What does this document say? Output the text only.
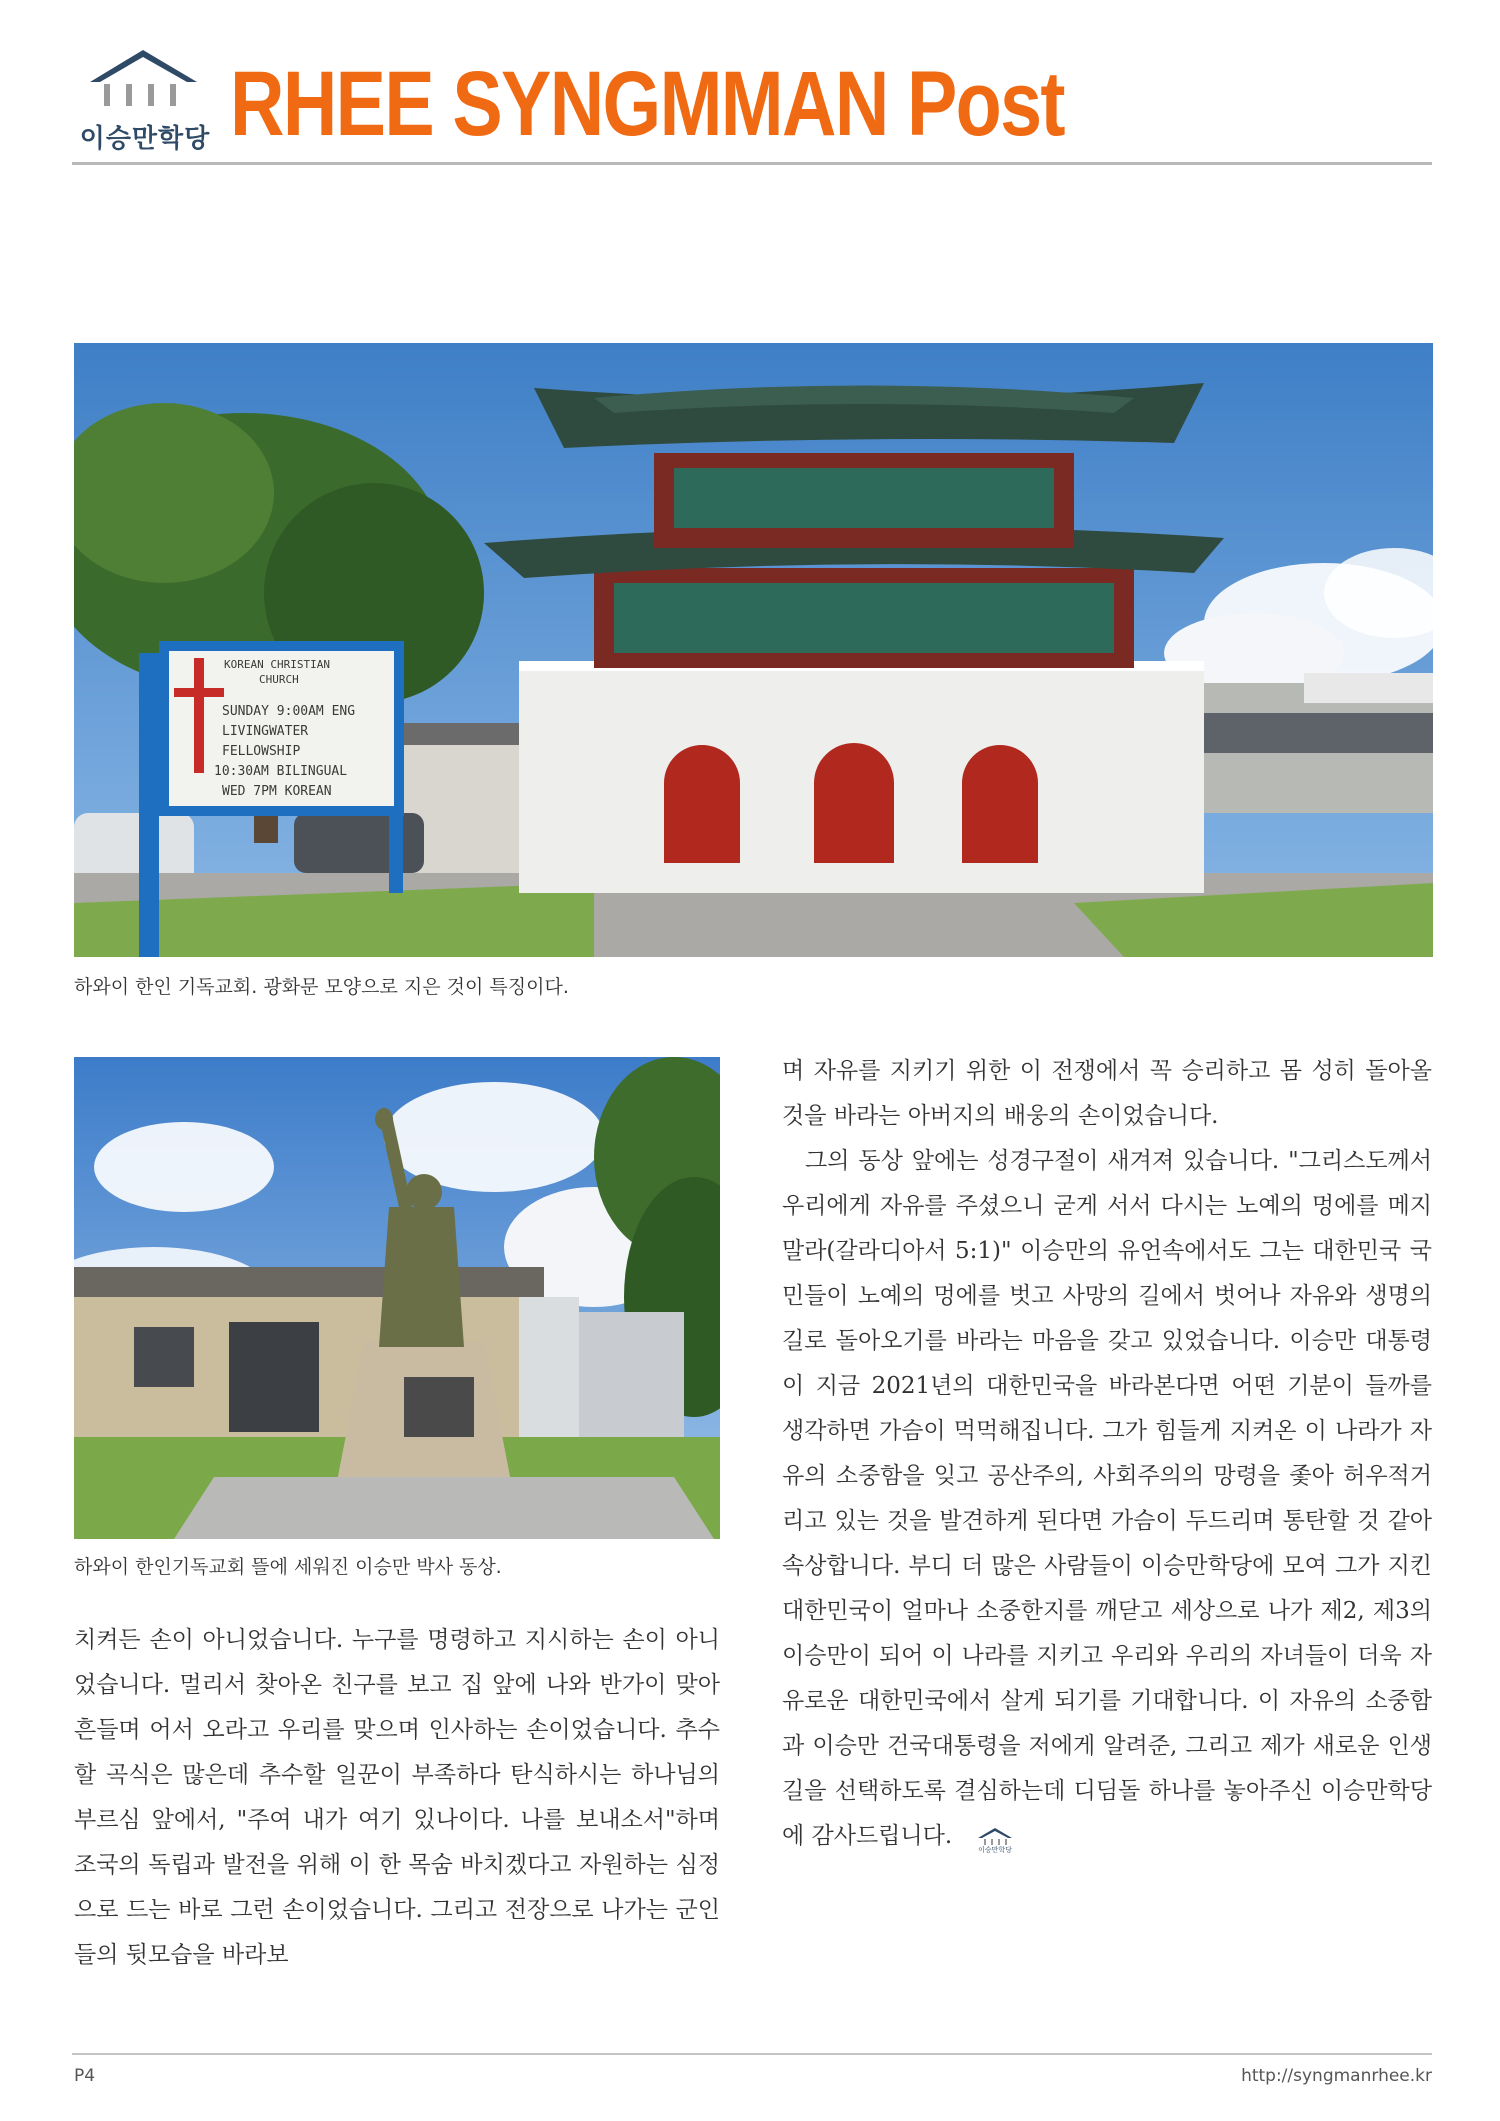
이승만학당 RHEE SYNGMMAN Post
KOREAN CHRISTIAN
CHURCH
SUNDAY 9:00AM ENG
LIVINGWATER
FELLOWSHIP
10:30AM BILINGUAL
WED 7PM KOREAN
하와이 한인 기독교회. 광화문 모양으로 지은 것이 특징이다.
하와이 한인기독교회 뜰에 세워진 이승만 박사 동상.

치켜든 손이 아니었습니다. 누구를 명령하고 지시하는 손이 아니었습니다. 멀리서 찾아온 친구를 보고 집 앞에 나와 반가이 맞아 흔들며 어서 오라고 우리를 맞으며 인사하는 손이었습니다. 추수할 곡식은 많은데 추수할 일꾼이 부족하다 탄식하시는 하나님의 부르심 앞에서, "주여 내가 여기 있나이다. 나를 보내소서"하며 조국의 독립과 발전을 위해 이 한 목숨 바치겠다고 자원하는 심정으로 드는 바로 그런 손이었습니다. 그리고 전장으로 나가는 군인들의 뒷모습을 바라보

며 자유를 지키기 위한 이 전쟁에서 꼭 승리하고 몸 성히 돌아올 것을 바라는 아버지의 배웅의 손이었습니다.

그의 동상 앞에는 성경구절이 새겨져 있습니다. "그리스도께서 우리에게 자유를 주셨으니 굳게 서서 다시는 노예의 멍에를 메지 말라(갈라디아서 5:1)" 이승만의 유언속에서도 그는 대한민국 국민들이 노예의 멍에를 벗고 사망의 길에서 벗어나 자유와 생명의 길로 돌아오기를 바라는 마음을 갖고 있었습니다. 이승만 대통령이 지금 2021년의 대한민국을 바라본다면 어떤 기분이 들까를 생각하면 가슴이 먹먹해집니다. 그가 힘들게 지켜온 이 나라가 자유의 소중함을 잊고 공산주의, 사회주의의 망령을 좇아 허우적거리고 있는 것을 발견하게 된다면 가슴이 두드리며 통탄할 것 같아 속상합니다. 부디 더 많은 사람들이 이승만학당에 모여 그가 지킨 대한민국이 얼마나 소중한지를 깨닫고 세상으로 나가 제2, 제3의 이승만이 되어 이 나라를 지키고 우리와 우리의 자녀들이 더욱 자유로운 대한민국에서 살게 되기를 기대합니다. 이 자유의 소중함과 이승만 건국대통령을 저에게 알려준, 그리고 제가 새로운 인생길을 선택하도록 결심하는데 디딤돌 하나를 놓아주신 이승만학당에 감사드립니다.
이승만학당

P4	http://syngmanrhee.kr
